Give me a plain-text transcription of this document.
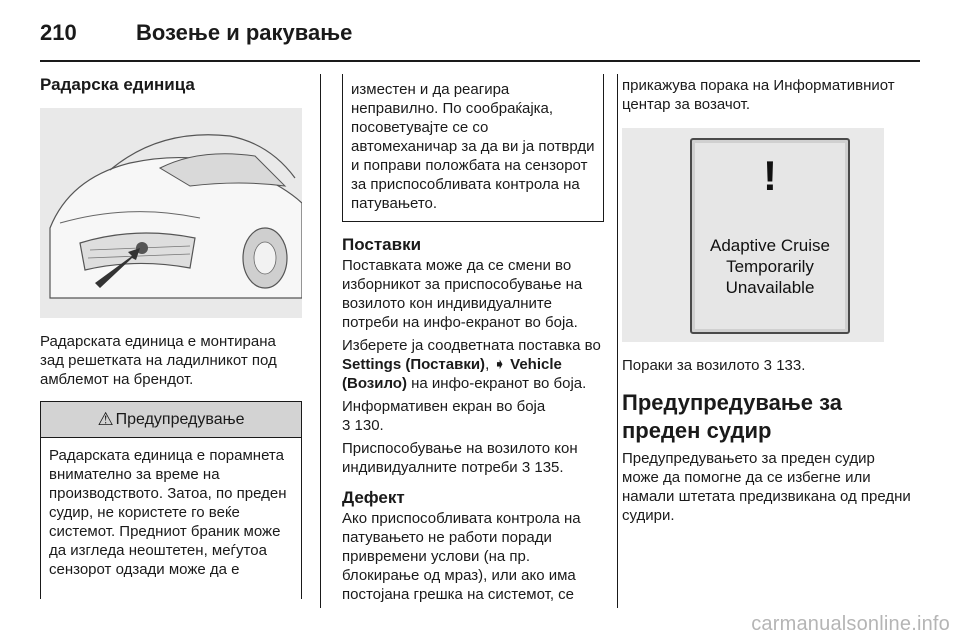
210	Возење и ракување
Радарска единица
Радарската единица е монтирана зад решетката на ладилникот под амблемот на брендот.
⚠ Предупредување
Радарската единица е порамнета внимателно за време на производството. Затоа, по преден судир, не користете го веќе системот. Предниот браник може да изгледа неоштетен, меѓутоа сензорот одзади може да е
изместен и да реагира неправилно. По сообраќајка, посоветувајте се со автомеханичар за да ви ја потврди и поправи положбата на сензорот за приспособливата контрола на патувањето.
Поставки
Поставката може да се смени во изборникот за приспособување на возилото кон индивидуалните потреби на инфо-екранот во боја.
Изберете ја соодветната поставка во Settings (Поставки), ➧ Vehicle (Возило) на инфо-екранот во боја.
Информативен екран во боја
3 130.
Приспособување на возилото кон индивидуалните потреби 3 135.
Дефект
Ако приспособливата контрола на патувањето не работи поради привремени услови (на пр. блокирање од мраз), или ако има постојана грешка на системот, се
прикажува порака на Информативниот центар за возачот.
!
Adaptive Cruise
Temporarily
Unavailable
Пораки за возилото 3 133.
Предупредување за преден судир
Предупредувањето за преден судир може да помогне да се избегне или намали штетата предизвикана од предни судири.
carmanualsonline.info
